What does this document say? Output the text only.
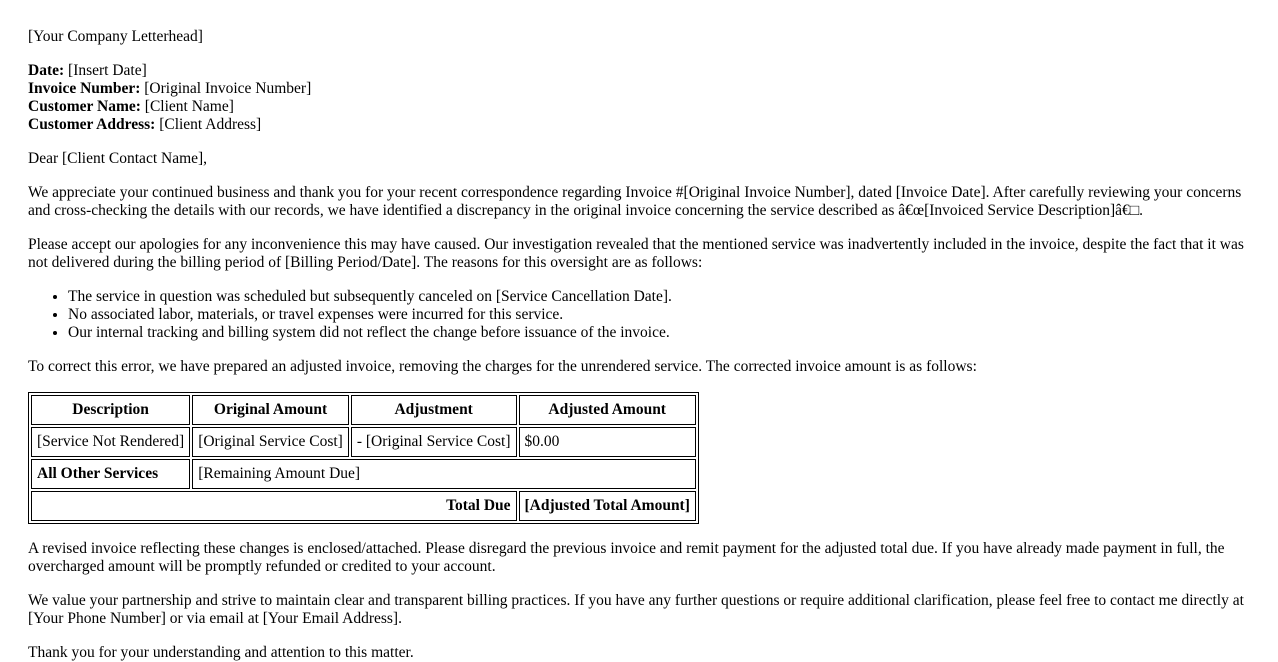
[Your Company Letterhead]

Date: [Insert Date]
Invoice Number: [Original Invoice Number]
Customer Name: [Client Name]
Customer Address: [Client Address]

Dear [Client Contact Name],

We appreciate your continued business and thank you for your recent correspondence regarding Invoice #[Original Invoice Number], dated [Invoice Date]. After carefully reviewing your concerns and cross-checking the details with our records, we have identified a discrepancy in the original invoice concerning the service described as â€œ[Invoiced Service Description]â€□.

Please accept our apologies for any inconvenience this may have caused. Our investigation revealed that the mentioned service was inadvertently included in the invoice, despite the fact that it was not delivered during the billing period of [Billing Period/Date]. The reasons for this oversight are as follows:

• The service in question was scheduled but subsequently canceled on [Service Cancellation Date].
• No associated labor, materials, or travel expenses were incurred for this service.
• Our internal tracking and billing system did not reflect the change before issuance of the invoice.

To correct this error, we have prepared an adjusted invoice, removing the charges for the unrendered service. The corrected invoice amount is as follows:

Description	Original Amount	Adjustment	Adjusted Amount
[Service Not Rendered]	[Original Service Cost]	- [Original Service Cost]	$0.00
All Other Services	[Remaining Amount Due]		
Total Due			[Adjusted Total Amount]

A revised invoice reflecting these changes is enclosed/attached. Please disregard the previous invoice and remit payment for the adjusted total due. If you have already made payment in full, the overcharged amount will be promptly refunded or credited to your account.

We value your partnership and strive to maintain clear and transparent billing practices. If you have any further questions or require additional clarification, please feel free to contact me directly at [Your Phone Number] or via email at [Your Email Address].

Thank you for your understanding and attention to this matter.
